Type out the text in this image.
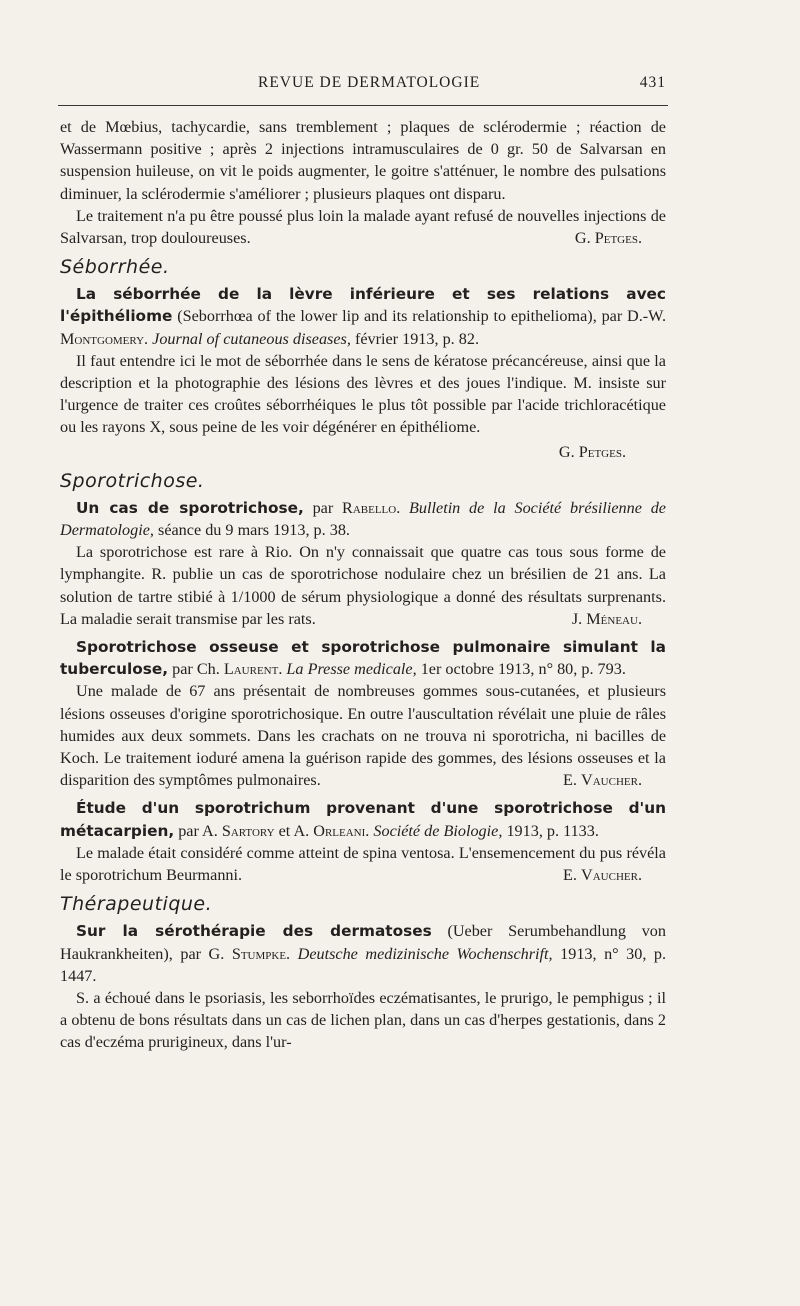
REVUE DE DERMATOLOGIE	431

et de Mœbius, tachycardie, sans tremblement ; plaques de sclérodermie ; réaction de Wassermann positive ; après 2 injections intramusculaires de 0 gr. 50 de Salvarsan en suspension huileuse, on vit le poids augmenter, le goitre s'atténuer, le nombre des pulsations diminuer, la sclérodermie s'améliorer ; plusieurs plaques ont disparu.

Le traitement n'a pu être poussé plus loin la malade ayant refusé de nouvelles injections de Salvarsan, trop douloureuses.	G. Petges.

Séborrhée.

La séborrhée de la lèvre inférieure et ses relations avec l'épithéliome (Seborrhœa of the lower lip and its relationship to epithelioma), par D.-W. Montgomery. Journal of cutaneous diseases, février 1913, p. 82.

Il faut entendre ici le mot de séborrhée dans le sens de kératose précancéreuse, ainsi que la description et la photographie des lésions des lèvres et des joues l'indique. M. insiste sur l'urgence de traiter ces croûtes séborrhéiques le plus tôt possible par l'acide trichloracétique ou les rayons X, sous peine de les voir dégénérer en épithéliome.

G. Petges.
Sporotrichose.

Un cas de sporotrichose, par Rabello. Bulletin de la Société brésilienne de Dermatologie, séance du 9 mars 1913, p. 38.

La sporotrichose est rare à Rio. On n'y connaissait que quatre cas tous sous forme de lymphangite. R. publie un cas de sporotrichose nodulaire chez un brésilien de 21 ans. La solution de tartre stibié à 1/1000 de sérum physiologique a donné des résultats surprenants. La maladie serait transmise par les rats.	J. Méneau.

Sporotrichose osseuse et sporotrichose pulmonaire simulant la tuberculose, par Ch. Laurent. La Presse medicale, 1er octobre 1913, n° 80, p. 793.

Une malade de 67 ans présentait de nombreuses gommes sous-cutanées, et plusieurs lésions osseuses d'origine sporotrichosique. En outre l'auscultation révélait une pluie de râles humides aux deux sommets. Dans les crachats on ne trouva ni sporotricha, ni bacilles de Koch. Le traitement ioduré amena la guérison rapide des gommes, des lésions osseuses et la disparition des symptômes pulmonaires.	E. Vaucher.

Étude d'un sporotrichum provenant d'une sporotrichose d'un métacarpien, par A. Sartory et A. Orleani. Société de Biologie, 1913, p. 1133.

Le malade était considéré comme atteint de spina ventosa. L'ensemencement du pus révéla le sporotrichum Beurmanni.	E. Vaucher.

Thérapeutique.

Sur la sérothérapie des dermatoses (Ueber Serumbehandlung von Haukrankheiten), par G. Stumpke. Deutsche medizinische Wochenschrift, 1913, n° 30, p. 1447.

S. a échoué dans le psoriasis, les seborrhoïdes eczématisantes, le prurigo, le pemphigus ; il a obtenu de bons résultats dans un cas de lichen plan, dans un cas d'herpes gestationis, dans 2 cas d'eczéma prurigineux, dans l'ur-
